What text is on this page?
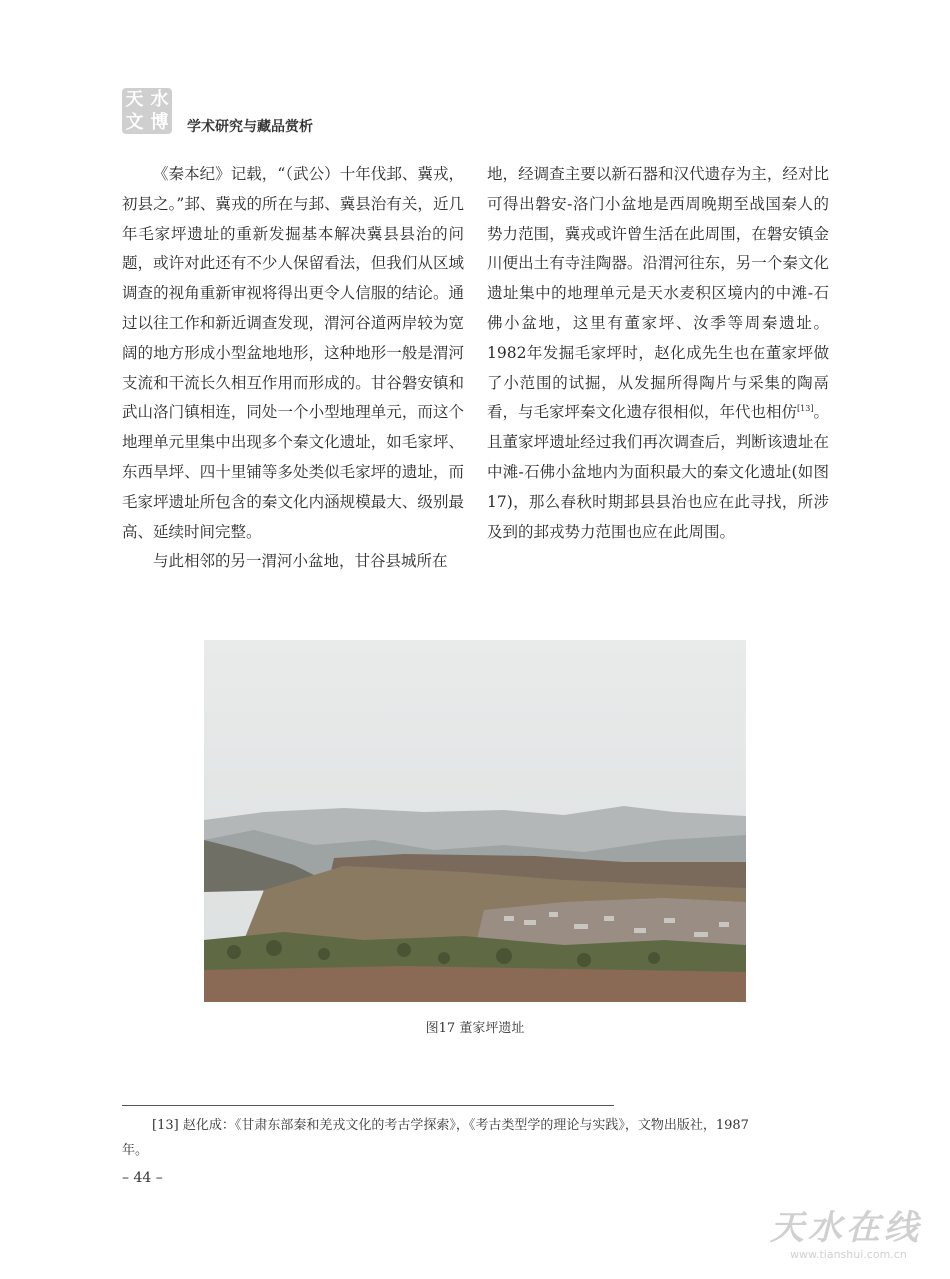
天 水
文 博 学术研究与藏品赏析

《秦本纪》记载，“（武公）十年伐邽、冀戎，初县之。”邽、冀戎的所在与邽、冀县治有关，近几年毛家坪遗址的重新发掘基本解决冀县县治的问题，或许对此还有不少人保留看法，但我们从区域调查的视角重新审视将得出更令人信服的结论。通过以往工作和新近调查发现，渭河谷道两岸较为宽阔的地方形成小型盆地地形，这种地形一般是渭河支流和干流长久相互作用而形成的。甘谷磐安镇和武山洛门镇相连，同处一个小型地理单元，而这个地理单元里集中出现多个秦文化遗址，如毛家坪、东西旱坪、四十里铺等多处类似毛家坪的遗址，而毛家坪遗址所包含的秦文化内涵规模最大、级别最高、延续时间完整。

与此相邻的另一渭河小盆地，甘谷县城所在

地，经调查主要以新石器和汉代遗存为主，经对比可得出磐安-洛门小盆地是西周晚期至战国秦人的势力范围，冀戎或许曾生活在此周围，在磐安镇金川便出土有寺洼陶器。沿渭河往东，另一个秦文化遗址集中的地理单元是天水麦积区境内的中滩-石佛小盆地，这里有董家坪、汝季等周秦遗址。1982年发掘毛家坪时，赵化成先生也在董家坪做了小范围的试掘，从发掘所得陶片与采集的陶鬲看，与毛家坪秦文化遗存很相似，年代也相仿[13]。且董家坪遗址经过我们再次调查后，判断该遗址在中滩-石佛小盆地内为面积最大的秦文化遗址(如图17)，那么春秋时期邽县县治也应在此寻找，所涉及到的邽戎势力范围也应在此周围。

图17 董家坪遗址
[13] 赵化成：《甘肃东部秦和羌戎文化的考古学探索》，《考古类型学的理论与实践》，文物出版社，1987
年。
– 44 –
天水在线
www.tianshui.com.cn
